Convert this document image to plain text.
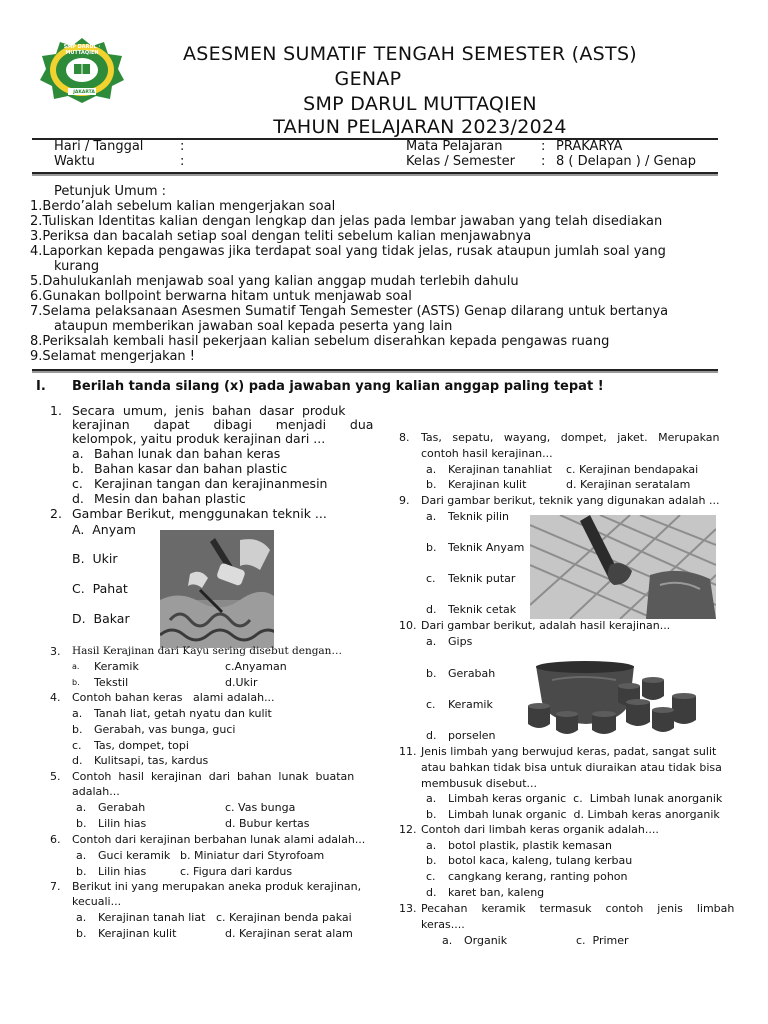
SMP DARUL · MUTTAQIEN
JAKARTA
ASESMEN SUMATIF TENGAH SEMESTER (ASTS)
GENAP
SMP DARUL MUTTAQIEN
TAHUN PELAJARAN 2023/2024
Hari / Tanggal	:
Waktu	:
Mata Pelajaran	: PRAKARYA
Kelas / Semester : 8 ( Delapan ) / Genap
Petunjuk Umum :
1.Berdo’alah sebelum kalian mengerjakan soal
2.Tuliskan Identitas kalian dengan lengkap dan jelas pada lembar jawaban yang telah disediakan
3.Periksa dan bacalah setiap soal dengan teliti sebelum kalian menjawabnya
4.Laporkan kepada pengawas jika terdapat soal yang tidak jelas, rusak ataupun jumlah soal yang
kurang
5.Dahulukanlah menjawab soal yang kalian anggap mudah terlebih dahulu
6.Gunakan bollpoint berwarna hitam untuk menjawab soal
7.Selama pelaksanaan Asesmen Sumatif Tengah Semester (ASTS) Genap dilarang untuk bertanya
ataupun memberikan jawaban soal kepada peserta yang lain
8.Periksalah kembali hasil pekerjaan kalian sebelum diserahkan kepada pengawas ruang
9.Selamat mengerjakan !
I. Berilah tanda silang (x) pada jawaban yang kalian anggap paling tepat !
1. Secara  umum,  jenis  bahan  dasar  produk
kerajinan      dapat      dibagi      menjadi      dua
kelompok, yaitu produk kerajinan dari ...
a. Bahan lunak dan bahan keras
b. Bahan kasar dan bahan plastic
c. Kerajinan tangan dan kerajinanmesin
d. Mesin dan bahan plastic
2. Gambar Berikut, menggunakan teknik ...
A.  Anyam
B.  Ukir
C.  Pahat
D.  Bakar
3. Hasil Kerajinan dari Kayu sering disebut dengan…
a. Keramik	c.Anyaman
b. Tekstil	d.Ukir
4. Contoh bahan keras   alami adalah...
a. Tanah liat, getah nyatu dan kulit
b. Gerabah, vas bunga, guci
c. Tas, dompet, topi
d. Kulitsapi, tas, kardus
5. Contoh  hasil  kerajinan  dari  bahan  lunak  buatan
adalah...
a. Gerabah	c. Vas bunga
b. Lilin hias	d. Bubur kertas
6. Contoh dari kerajinan berbahan lunak alami adalah...
a. Guci keramik b. Miniatur dari Styrofoam
b. Lilin hias	c. Figura dari kardus
7. Berikut ini yang merupakan aneka produk kerajinan,
kecuali...
a. Kerajinan tanah liat c. Kerajinan benda pakai
b. Kerajinan kulit	d. Kerajinan serat alam
8. Tas,   sepatu,   wayang,   dompet,   jaket.   Merupakan
contoh hasil kerajinan...
a. Kerajinan tanahliat c. Kerajinan bendapakai
b. Kerajinan kulit	d. Kerajinan seratalam
9. Dari gambar berikut, teknik yang digunakan adalah ...
a. Teknik pilin
b. Teknik Anyam
c. Teknik putar
d. Teknik cetak
10. Dari gambar berikut, adalah hasil kerajinan...
a. Gips
b. Gerabah
c. Keramik
d. porselen
11. Jenis limbah yang berwujud keras, padat, sangat sulit
atau bahkan tidak bisa untuk diuraikan atau tidak bisa
membusuk disebut...
a. Limbah keras organic  c.  Limbah lunak anorganik
b. Limbah lunak organic  d. Limbah keras anorganik
12. Contoh dari limbah keras organik adalah....
a. botol plastik, plastik kemasan
b. botol kaca, kaleng, tulang kerbau
c. cangkang kerang, ranting pohon
d. karet ban, kaleng
13. Pecahan    keramik    termasuk    contoh    jenis    limbah
keras....
a. Organik	c.  Primer
